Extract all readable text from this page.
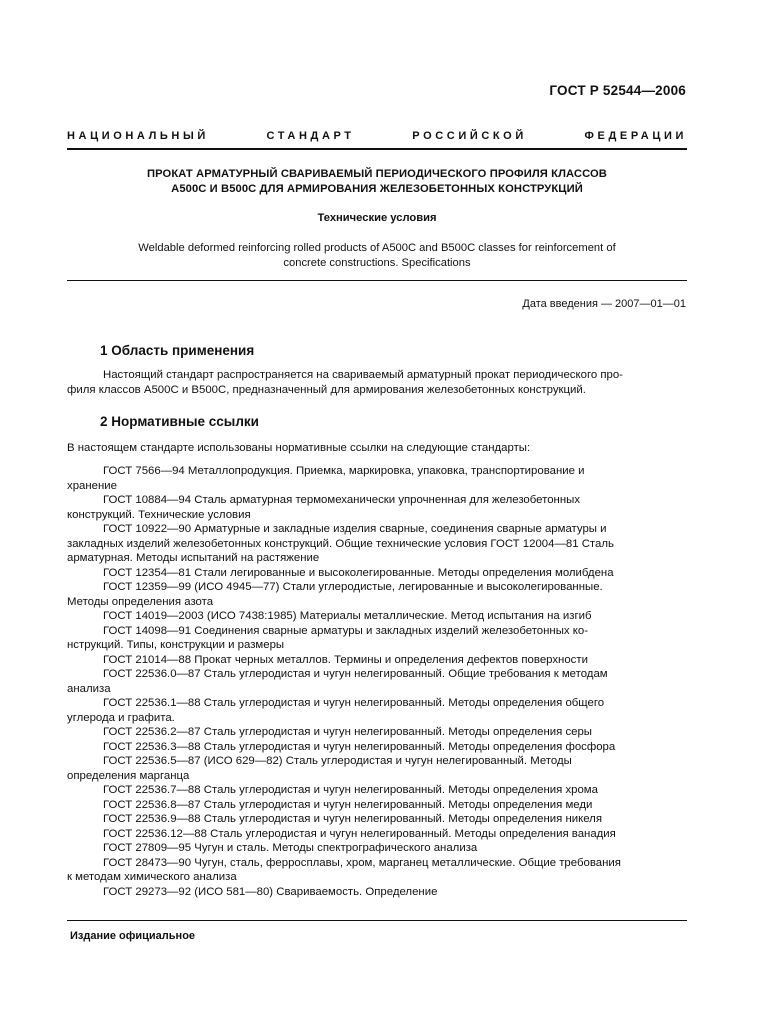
ГОСТ Р 52544—2006
НАЦИОНАЛЬНЫЙ СТАНДАРТ РОССИЙСКОЙ ФЕДЕРАЦИИ
ПРОКАТ АРМАТУРНЫЙ СВАРИВАЕМЫЙ ПЕРИОДИЧЕСКОГО ПРОФИЛЯ КЛАССОВ
А500С И В500С ДЛЯ АРМИРОВАНИЯ ЖЕЛЕЗОБЕТОННЫХ КОНСТРУКЦИЙ
Технические условия
Weldable deformed reinforcing rolled products of A500C and B500C classes for reinforcement of
concrete constructions. Specifications
Дата введения — 2007—01—01
1 Область применения
Настоящий стандарт распространяется на свариваемый арматурный прокат периодического про-
филя классов А500С и В500С, предназначенный для армирования железобетонных конструкций.
2 Нормативные ссылки
В настоящем стандарте использованы нормативные ссылки на следующие стандарты:
ГОСТ 7566—94 Металлопродукция. Приемка, маркировка, упаковка, транспортирование и
хранение
ГОСТ 10884—94 Сталь арматурная термомеханически упрочненная для железобетонных
конструкций. Технические условия
ГОСТ 10922—90 Арматурные и закладные изделия сварные, соединения сварные арматуры и
закладных изделий железобетонных конструкций. Общие технические условия ГОСТ 12004—81 Сталь
арматурная. Методы испытаний на растяжение
ГОСТ 12354—81 Стали легированные и высоколегированные. Методы определения молибдена
ГОСТ 12359—99 (ИСО 4945—77) Стали углеродистые, легированные и высоколегированные.
Методы определения азота
ГОСТ 14019—2003 (ИСО 7438:1985) Материалы металлические. Метод испытания на изгиб
ГОСТ 14098—91 Соединения сварные арматуры и закладных изделий железобетонных ко-
нструкций. Типы, конструкции и размеры
ГОСТ 21014—88 Прокат черных металлов. Термины и определения дефектов поверхности
ГОСТ 22536.0—87 Сталь углеродистая и чугун нелегированный. Общие требования к методам
анализа
ГОСТ 22536.1—88 Сталь углеродистая и чугун нелегированный. Методы определения общего
углерода и графита.
ГОСТ 22536.2—87 Сталь углеродистая и чугун нелегированный. Методы определения серы
ГОСТ 22536.3—88 Сталь углеродистая и чугун нелегированный. Методы определения фосфора
ГОСТ 22536.5—87 (ИСО 629—82) Сталь углеродистая и чугун нелегированный. Методы
определения марганца
ГОСТ 22536.7—88 Сталь углеродистая и чугун нелегированный. Методы определения хрома
ГОСТ 22536.8—87 Сталь углеродистая и чугун нелегированный. Методы определения меди
ГОСТ 22536.9—88 Сталь углеродистая и чугун нелегированный. Методы определения никеля
ГОСТ 22536.12—88 Сталь углеродистая и чугун нелегированный. Методы определения ванадия
ГОСТ 27809—95 Чугун и сталь. Методы спектрографического анализа
ГОСТ 28473—90 Чугун, сталь, ферросплавы, хром, марганец металлические. Общие требования
к методам химического анализа
ГОСТ 29273—92 (ИСО 581—80) Свариваемость. Определение
Издание официальное
